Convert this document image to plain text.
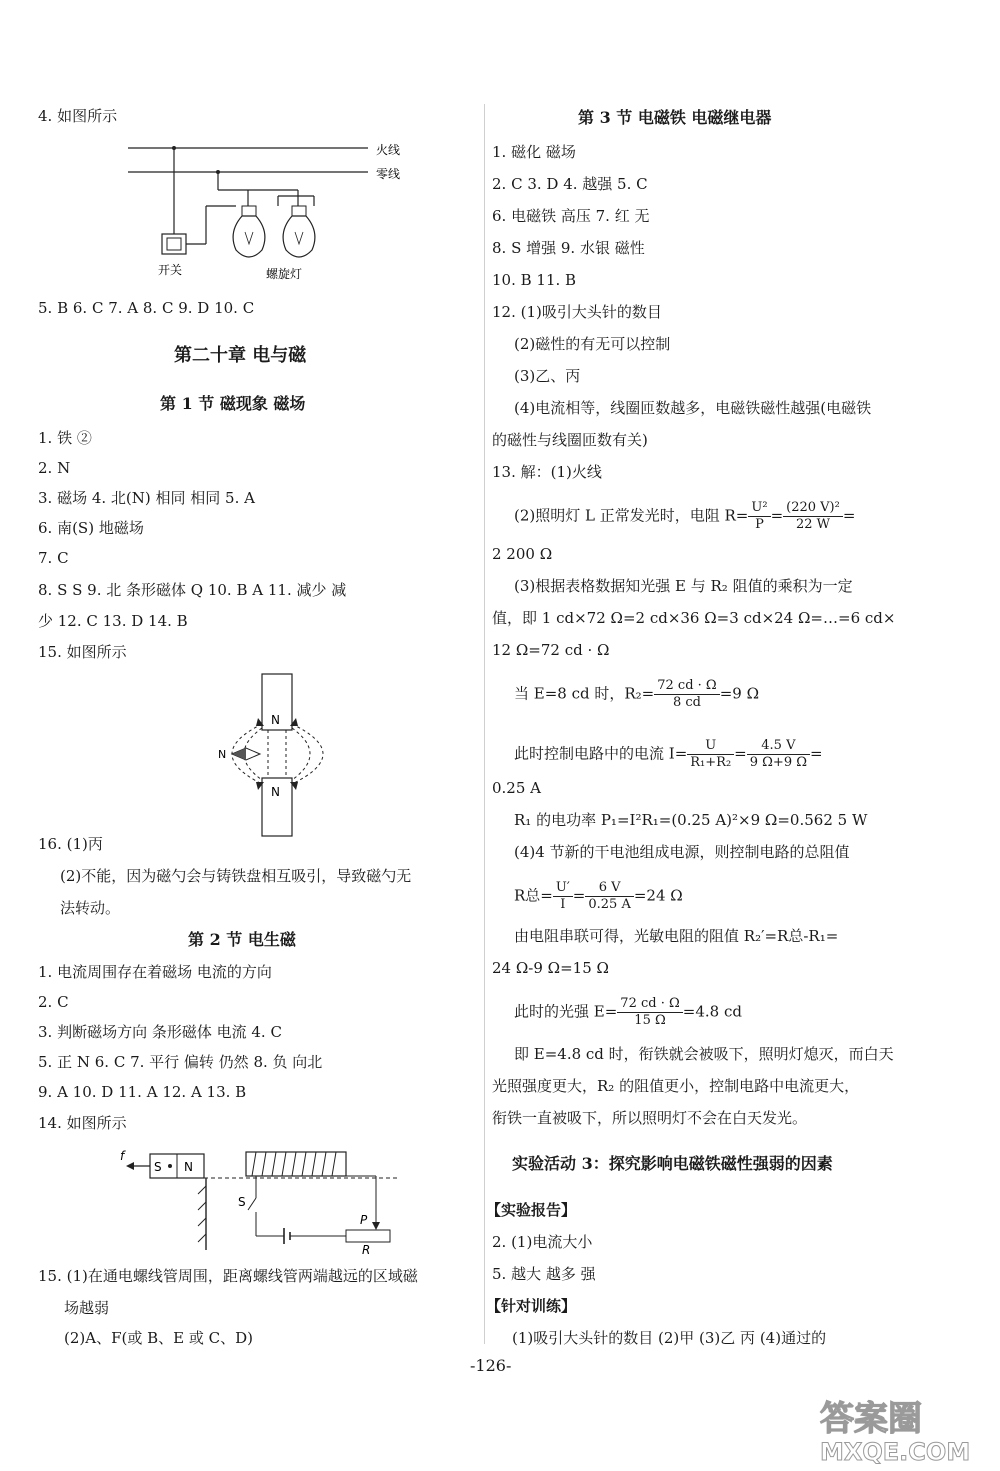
4. 如图所示
火线
零线
开关	螺旋灯
5. B 6. C 7. A 8. C 9. D 10. C
第二十章 电与磁
第 1 节 磁现象 磁场
1. 铁 ②
2. N
3. 磁场 4. 北(N) 相同 相同 5. A
6. 南(S) 地磁场
7. C
8. S S 9. 北 条形磁体 Q 10. B A 11. 减少 减
少 12. C 13. D 14. B
15. 如图所示
N
N
N
16. (1)丙
(2)不能，因为磁勺会与铸铁盘相互吸引，导致磁勺无
法转动。
第 2 节 电生磁
1. 电流周围存在着磁场 电流的方向
2. C
3. 判断磁场方向 条形磁体 电流 4. C
5. 正 N 6. C 7. 平行 偏转 仍然 8. 负 向北
9. A 10. D 11. A 12. A 13. B
14. 如图所示
S N
f
S
P
R
15. (1)在通电螺线管周围，距离螺线管两端越远的区域磁
场越弱
(2)A、F(或 B、E 或 C、D)
第 3 节 电磁铁 电磁继电器
1. 磁化 磁场
2. C 3. D 4. 越强 5. C
6. 电磁铁 高压 7. 红 无
8. S 增强 9. 水银 磁性
10. B 11. B
12. (1)吸引大头针的数目
(2)磁性的有无可以控制
(3)乙、丙
(4)电流相等，线圈匝数越多，电磁铁磁性越强(电磁铁
的磁性与线圈匝数有关)
13. 解：(1)火线
(2)照明灯 L 正常发光时，电阻 $R= \frac{\text{U²}}{P} = \frac{\text{(220 V)²}}{22 W}$ =
2 200 Ω
(3)根据表格数据知光强 E 与 R₂ 阻值的乘积为一定
值，即 1 cd×72 Ω=2 cd×36 Ω=3 cd×24 Ω=…=6 cd×
12 Ω=72 cd · Ω
当 E=8 cd 时，$R_2= \frac{72 cd \cdot \Omega}{8 cd} =9$ Ω
此时控制电路中的电流 $I= \frac{U}{\text{R₁+R₂}} = \frac{4.5 V}{9 \Omega+9 \Omega}$ =
0.25 A
R₁ 的电功率 P₁=I²R₁=(0.25 A)²×9 Ω=0.562 5 W
(4)4 节新的干电池组成电源，则控制电路的总阻值
R总= $\frac{U'}{I} = \frac{6 V}{0.25 A} =24$ Ω
由电阻串联可得，光敏电阻的阻值 R₂′=R总-R₁=
24 Ω-9 Ω=15 Ω
此时的光强 $E= \frac{72 cd \cdot \Omega}{15 \Omega} =4.8$ cd
即 E=4.8 cd 时，衔铁就会被吸下，照明灯熄灭，而白天
光照强度更大，R₂ 的阻值更小，控制电路中电流更大，
衔铁一直被吸下，所以照明灯不会在白天发光。
实验活动 3：探究影响电磁铁磁性强弱的因素
【实验报告】
2. (1)电流大小
5. 越大 越多 强
【针对训练】
(1)吸引大头针的数目 (2)甲 (3)乙 丙 (4)通过的
-126-
答案圈
MXQE.COM
